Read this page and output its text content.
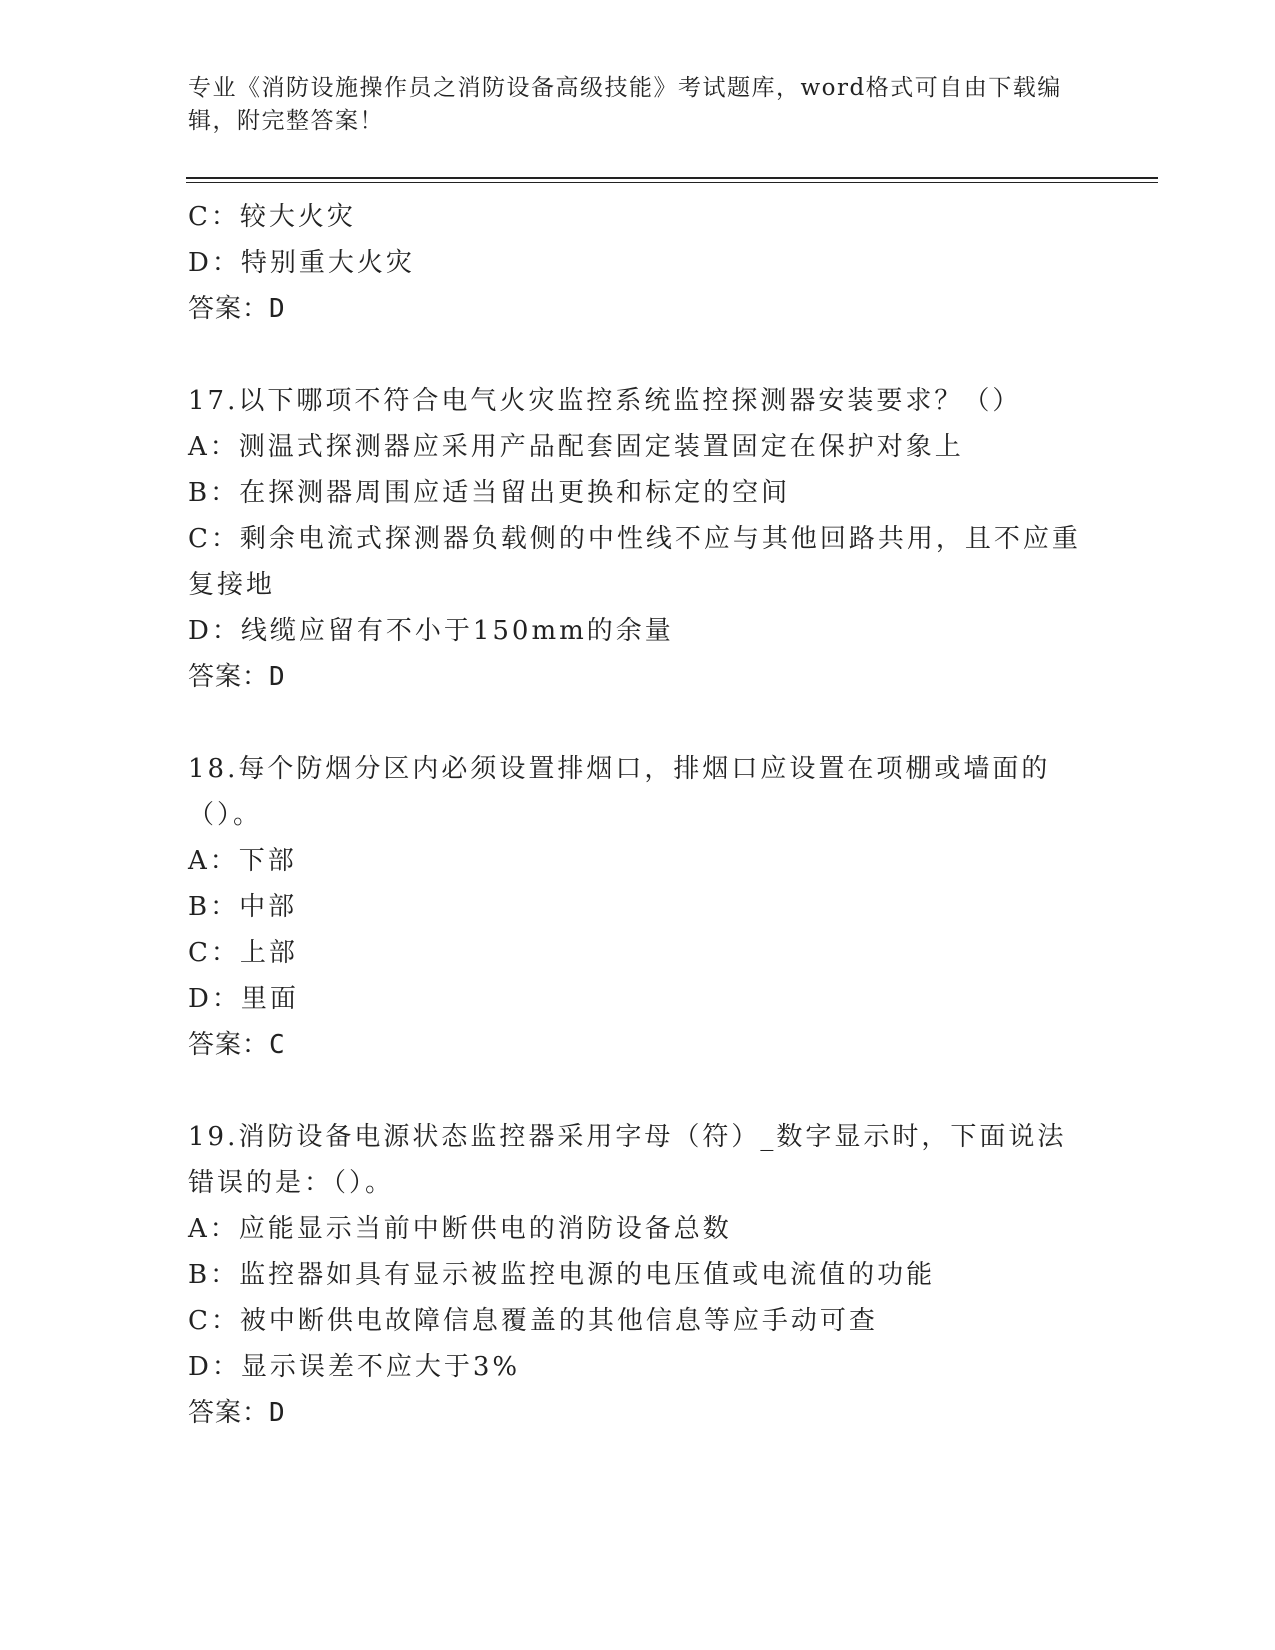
专业《消防设施操作员之消防设备高级技能》考试题库，word格式可自由下载编辑，附完整答案！
C：较大火灾
D：特别重大火灾
答案：D
17.以下哪项不符合电气火灾监控系统监控探测器安装要求？（）
A：测温式探测器应采用产品配套固定装置固定在保护对象上
B：在探测器周围应适当留出更换和标定的空间
C：剩余电流式探测器负载侧的中性线不应与其他回路共用，且不应重复接地
D：线缆应留有不小于150mm的余量
答案：D
18.每个防烟分区内必须设置排烟口，排烟口应设置在项棚或墙面的（）。
A：下部
B：中部
C：上部
D：里面
答案：C
19.消防设备电源状态监控器采用字母（符）_数字显示时，下面说法错误的是：（）。
A：应能显示当前中断供电的消防设备总数
B：监控器如具有显示被监控电源的电压值或电流值的功能
C：被中断供电故障信息覆盖的其他信息等应手动可查
D：显示误差不应大于3%
答案：D
